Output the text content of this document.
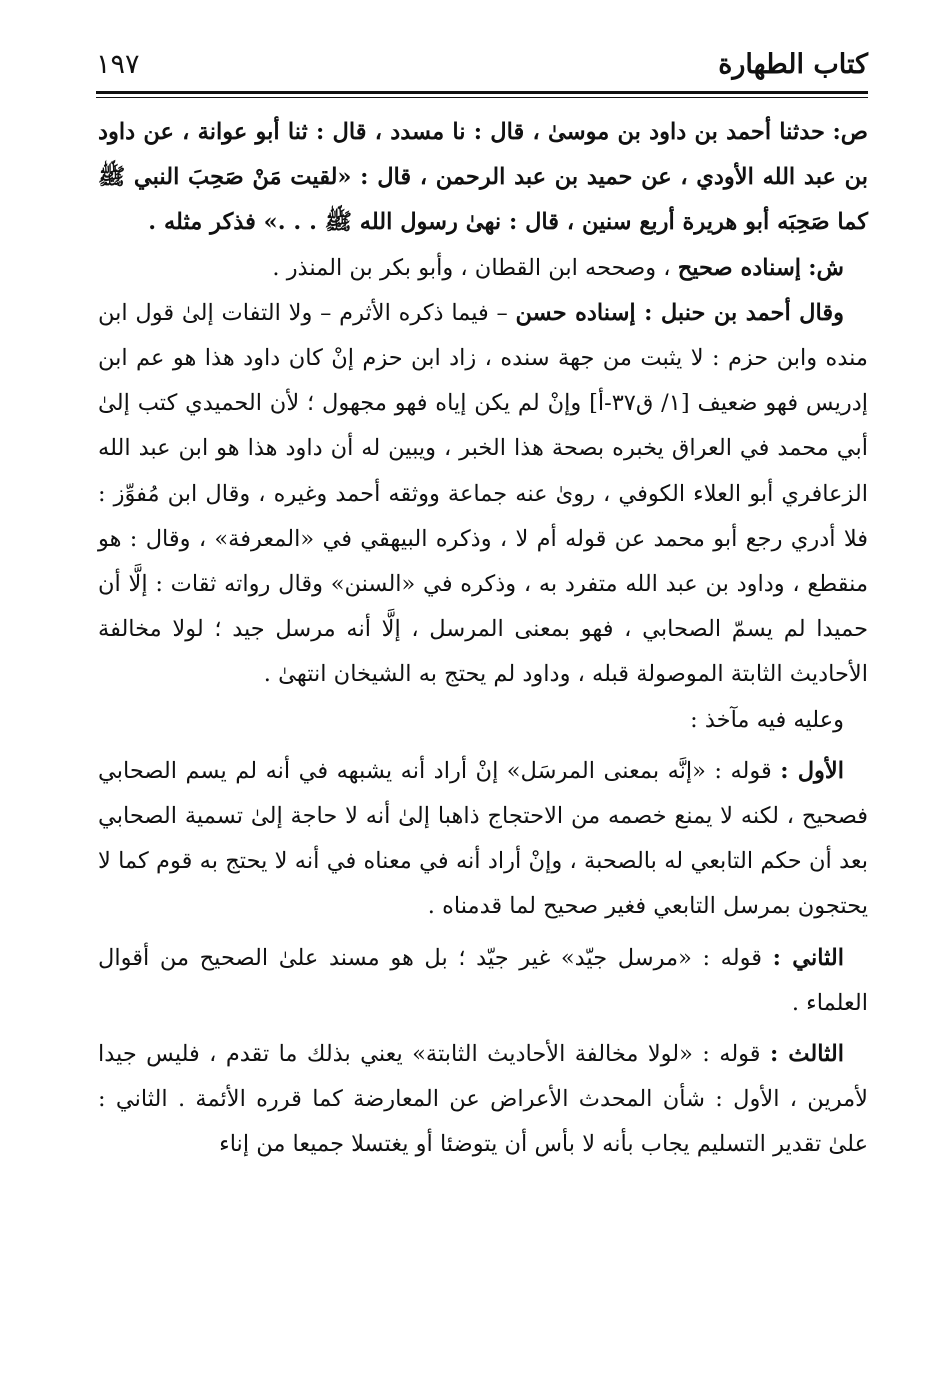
كتاب الطهارة
١٩٧

ص: حدثنا أحمد بن داود بن موسىٰ ، قال : نا مسدد ، قال : ثنا أبو عوانة ، عن داود بن عبد الله الأودي ، عن حميد بن عبد الرحمن ، قال : «لقيت مَنْ صَحِبَ النبي ﷺ كما صَحِبَه أبو هريرة أربع سنين ، قال : نهىٰ رسول الله ﷺ . . .» فذكر مثله .

ش: إسناده صحيح ، وصححه ابن القطان ، وأبو بكر بن المنذر .

وقال أحمد بن حنبل : إسناده حسن – فيما ذكره الأثرم – ولا التفات إلىٰ قول ابن منده وابن حزم : لا يثبت من جهة سنده ، زاد ابن حزم إنْ كان داود هذا هو عم ابن إدريس فهو ضعيف [١/ ق٣٧-أ] وإنْ لم يكن إياه فهو مجهول ؛ لأن الحميدي كتب إلىٰ أبي محمد في العراق يخبره بصحة هذا الخبر ، ويبين له أن داود هذا هو ابن عبد الله الزعافري أبو العلاء الكوفي ، روىٰ عنه جماعة ووثقه أحمد وغيره ، وقال ابن مُفوِّز : فلا أدري رجع أبو محمد عن قوله أم لا ، وذكره البيهقي في «المعرفة» ، وقال : هو منقطع ، وداود بن عبد الله متفرد به ، وذكره في «السنن» وقال رواته ثقات : إلَّا أن حميدا لم يسمّ الصحابي ، فهو بمعنى المرسل ، إلَّا أنه مرسل جيد ؛ لولا مخالفة الأحاديث الثابتة الموصولة قبله ، وداود لم يحتج به الشيخان انتهىٰ .

وعليه فيه مآخذ :

الأول : قوله : «إنَّه بمعنى المرسَل» إنْ أراد أنه يشبهه في أنه لم يسم الصحابي فصحيح ، لكنه لا يمنع خصمه من الاحتجاج ذاهبا إلىٰ أنه لا حاجة إلىٰ تسمية الصحابي بعد أن حكم التابعي له بالصحبة ، وإنْ أراد أنه في معناه في أنه لا يحتج به قوم كما لا يحتجون بمرسل التابعي فغير صحيح لما قدمناه .

الثاني : قوله : «مرسل جيّد» غير جيّد ؛ بل هو مسند علىٰ الصحيح من أقوال العلماء .

الثالث : قوله : «لولا مخالفة الأحاديث الثابتة» يعني بذلك ما تقدم ، فليس جيدا لأمرين ، الأول : شأن المحدث الأعراض عن المعارضة كما قرره الأئمة . الثاني : علىٰ تقدير التسليم يجاب بأنه لا بأس أن يتوضئا أو يغتسلا جميعا من إناء
